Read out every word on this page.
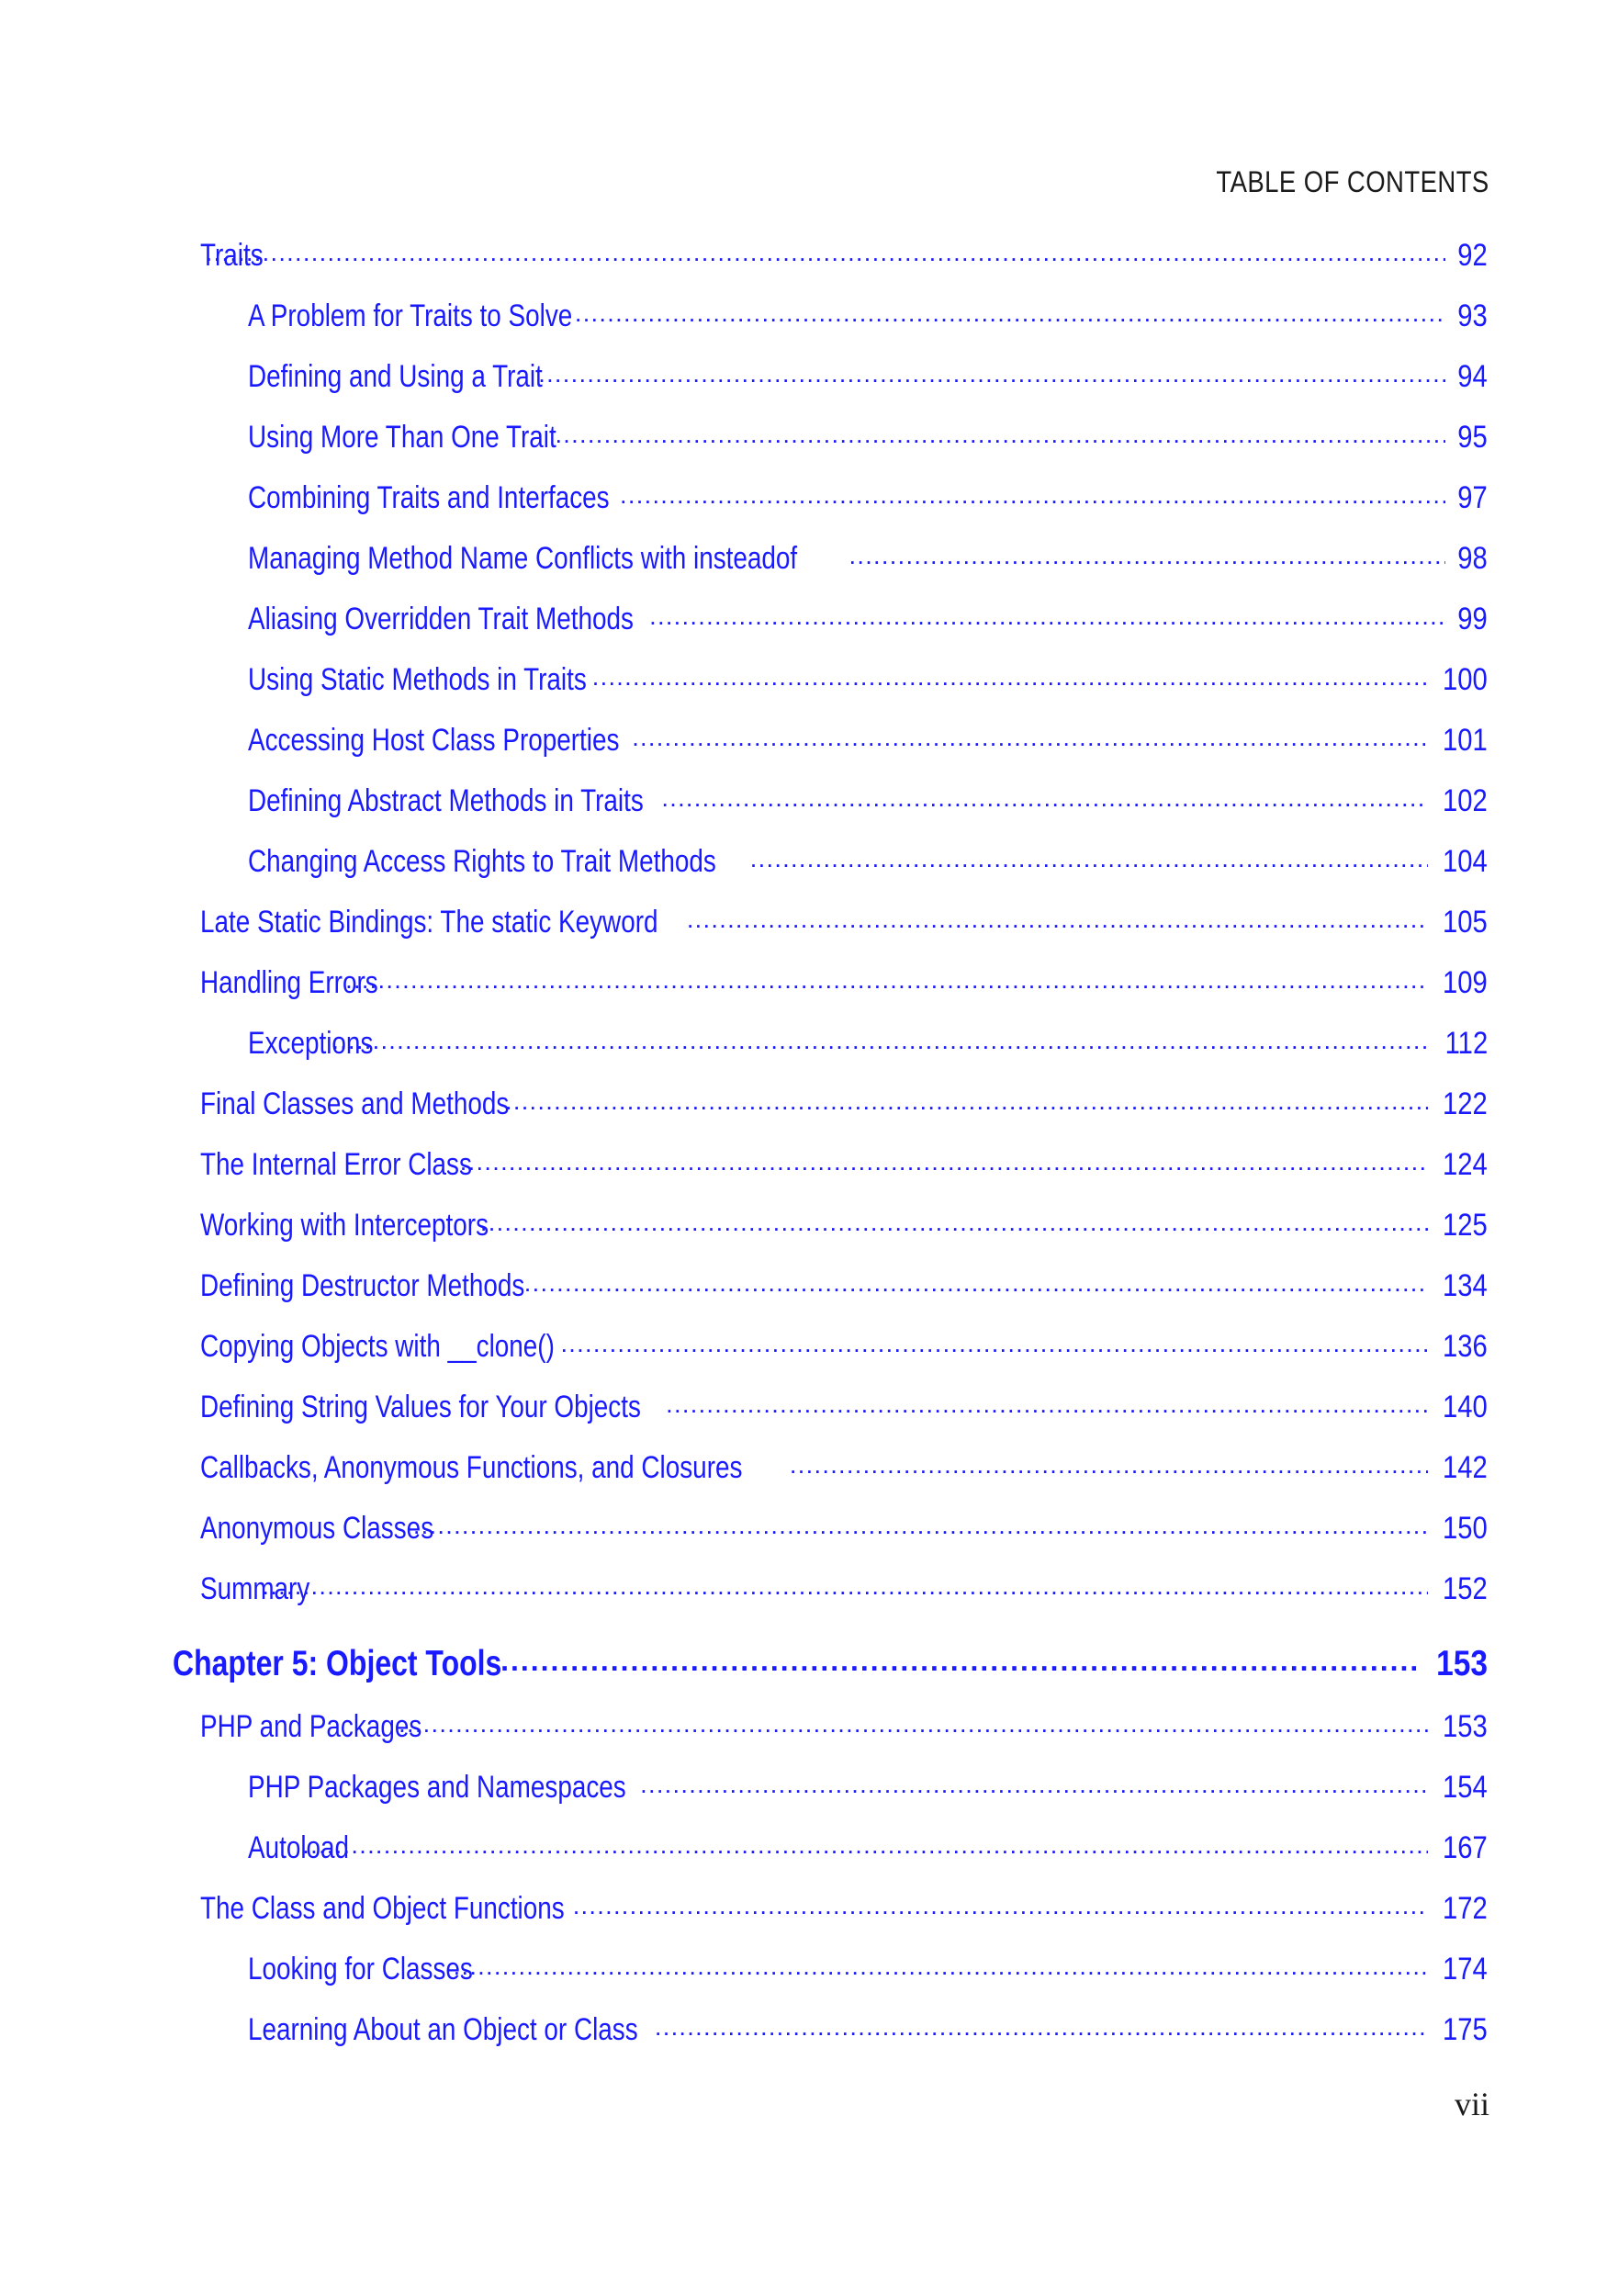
TABLE OF CONTENTS
Traits .....	92
A Problem for Traits to Solve .....	93
Defining and Using a Trait .....	94
Using More Than One Trait .....	95
Combining Traits and Interfaces .....	97
Managing Method Name Conflicts with insteadof .....	98
Aliasing Overridden Trait Methods .....	99
Using Static Methods in Traits .....	100
Accessing Host Class Properties .....	101
Defining Abstract Methods in Traits .....	102
Changing Access Rights to Trait Methods .....	104
Late Static Bindings: The static Keyword .....	105
Handling Errors .....	109
Exceptions .....	112
Final Classes and Methods .....	122
The Internal Error Class .....	124
Working with Interceptors .....	125
Defining Destructor Methods .....	134
Copying Objects with __clone() .....	136
Defining String Values for Your Objects .....	140
Callbacks, Anonymous Functions, and Closures .....	142
Anonymous Classes .....	150
Summary .....	152
Chapter 5: Object Tools .....	153
PHP and Packages .....	153
PHP Packages and Namespaces .....	154
Autoload .....	167
The Class and Object Functions .....	172
Looking for Classes .....	174
Learning About an Object or Class .....	175
vii
